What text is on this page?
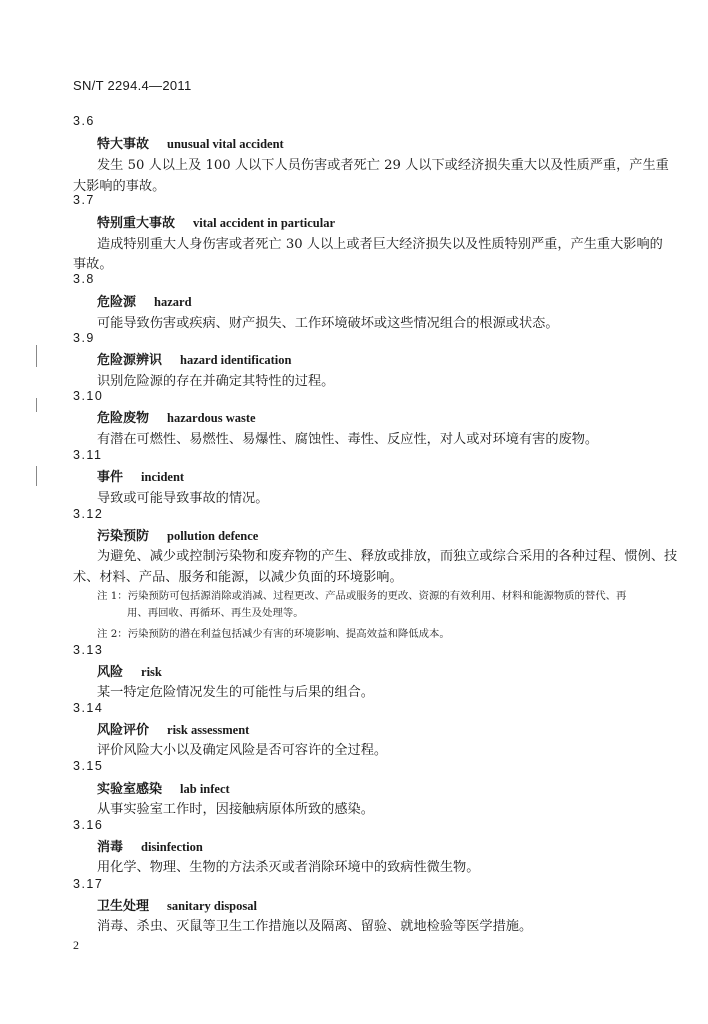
SN/T 2294.4—2011
3.6
特大事故 unusual vital accident
发生 50 人以上及 100 人以下人员伤害或者死亡 29 人以下或经济损失重大以及性质严重，产生重
大影响的事故。
3.7
特别重大事故 vital accident in particular
造成特别重大人身伤害或者死亡 30 人以上或者巨大经济损失以及性质特别严重，产生重大影响的
事故。
3.8
危险源 hazard
可能导致伤害或疾病、财产损失、工作环境破坏或这些情况组合的根源或状态。
3.9
危险源辨识 hazard identification
识别危险源的存在并确定其特性的过程。
3.10
危险废物 hazardous waste
有潜在可燃性、易燃性、易爆性、腐蚀性、毒性、反应性，对人或对环境有害的废物。
3.11
事件 incident
导致或可能导致事故的情况。
3.12
污染预防 pollution defence
为避免、减少或控制污染物和废弃物的产生、释放或排放，而独立或综合采用的各种过程、惯例、技
术、材料、产品、服务和能源，以减少负面的环境影响。
注 1：污染预防可包括源消除或消减、过程更改、产品或服务的更改、资源的有效利用、材料和能源物质的替代、再
用、再回收、再循环、再生及处理等。
注 2：污染预防的潜在利益包括减少有害的环境影响、提高效益和降低成本。
3.13
风险 risk
某一特定危险情况发生的可能性与后果的组合。
3.14
风险评价 risk assessment
评价风险大小以及确定风险是否可容许的全过程。
3.15
实验室感染 lab infect
从事实验室工作时，因接触病原体所致的感染。
3.16
消毒 disinfection
用化学、物理、生物的方法杀灭或者消除环境中的致病性微生物。
3.17
卫生处理 sanitary disposal
消毒、杀虫、灭鼠等卫生工作措施以及隔离、留验、就地检验等医学措施。
2
